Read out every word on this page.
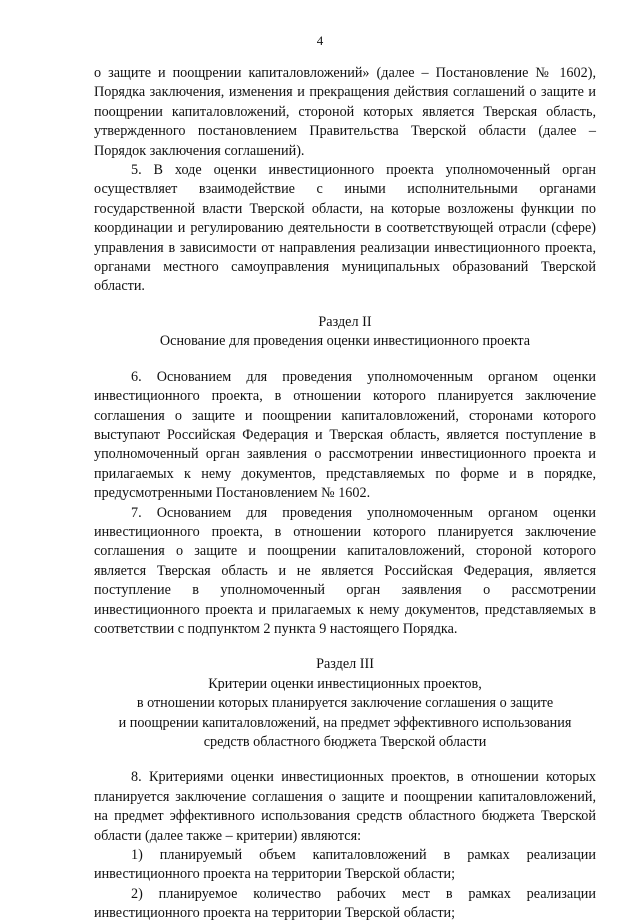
4

о защите и поощрении капиталовложений» (далее – Постановление № 1602), Порядка заключения, изменения и прекращения действия соглашений о защите и поощрении капиталовложений, стороной которых является Тверская область, утвержденного постановлением Правительства Тверской области (далее – Порядок заключения соглашений).

5. В ходе оценки инвестиционного проекта уполномоченный орган осуществляет взаимодействие с иными исполнительными органами государственной власти Тверской области, на которые возложены функции по координации и регулированию деятельности в соответствующей отрасли (сфере) управления в зависимости от направления реализации инвестиционного проекта, органами местного самоуправления муниципальных образований Тверской области.

Раздел II

Основание для проведения оценки инвестиционного проекта

6. Основанием для проведения уполномоченным органом оценки инвестиционного проекта, в отношении которого планируется заключение соглашения о защите и поощрении капиталовложений, сторонами которого выступают Российская Федерация и Тверская область, является поступление в уполномоченный орган заявления о рассмотрении инвестиционного проекта и прилагаемых к нему документов, представляемых по форме и в порядке, предусмотренными Постановлением № 1602.

7. Основанием для проведения уполномоченным органом оценки инвестиционного проекта, в отношении которого планируется заключение соглашения о защите и поощрении капиталовложений, стороной которого является Тверская область и не является Российская Федерация, является поступление в уполномоченный орган заявления о рассмотрении инвестиционного проекта и прилагаемых к нему документов, представляемых в соответствии с подпунктом 2 пункта 9 настоящего Порядка.

Раздел III

Критерии оценки инвестиционных проектов,

в отношении которых планируется заключение соглашения о защите

и поощрении капиталовложений, на предмет эффективного использования

средств областного бюджета Тверской области

8. Критериями оценки инвестиционных проектов, в отношении которых планируется заключение соглашения о защите и поощрении капиталовложений, на предмет эффективного использования средств областного бюджета Тверской области (далее также – критерии) являются:

1) планируемый объем капиталовложений в рамках реализации инвестиционного проекта на территории Тверской области;

2) планируемое количество рабочих мест в рамках реализации инвестиционного проекта на территории Тверской области;
